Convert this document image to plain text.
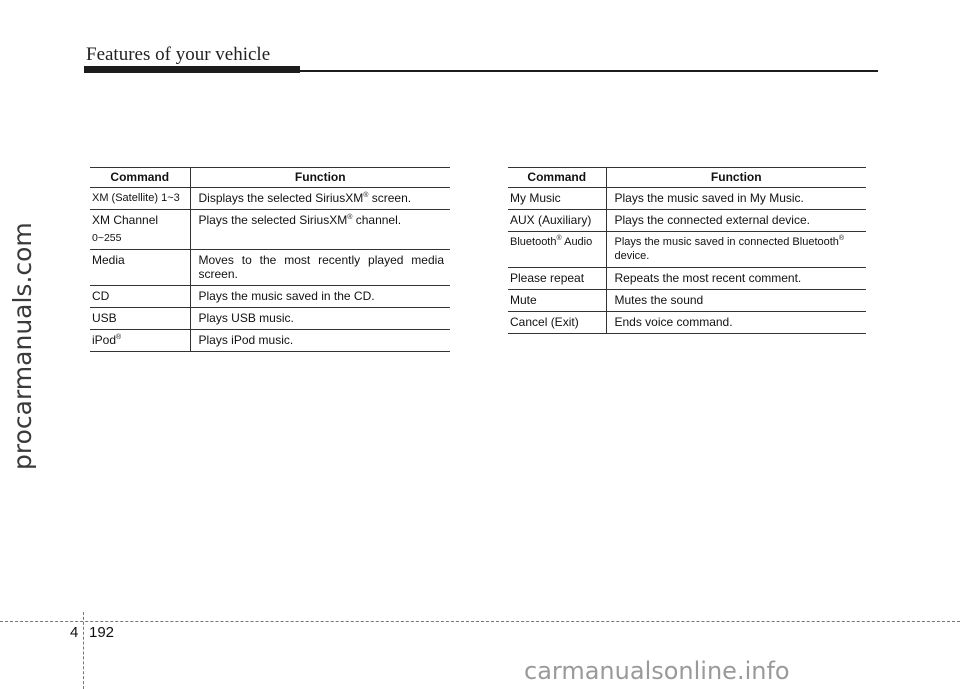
Features of your vehicle
procarmanuals.com
Command	Function
XM (Satellite) 1~3	Displays the selected SiriusXM® screen.
XM Channel
0~255	Plays the selected SiriusXM® channel.
Media	Moves to the most recently played media screen.
CD	Plays the music saved in the CD.
USB	Plays USB music.
iPod®	Plays iPod music.
Command	Function
My Music	Plays the music saved in My Music.
AUX (Auxiliary)	Plays the connected external device.
Bluetooth® Audio	Plays the music saved in connected Bluetooth®
device.
Please repeat	Repeats the most recent comment.
Mute	Mutes the sound
Cancel (Exit)	Ends voice command.
4 192
carmanualsonline.info
